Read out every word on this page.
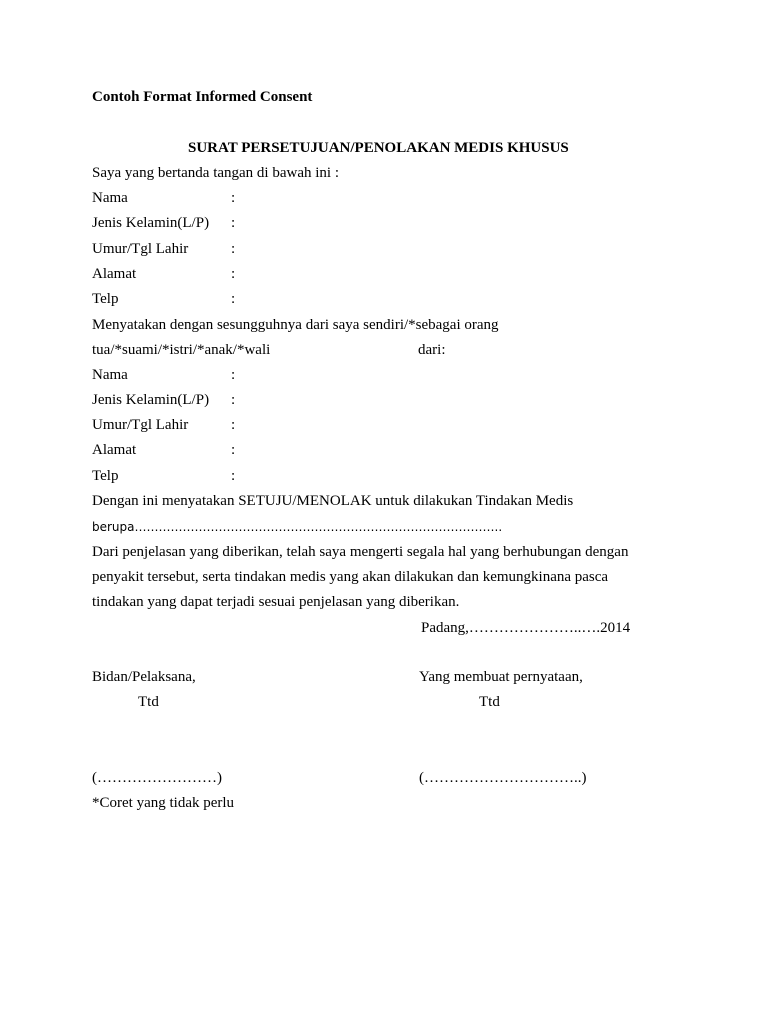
Contoh Format Informed Consent
SURAT PERSETUJUAN/PENOLAKAN MEDIS KHUSUS
Saya yang bertanda tangan di bawah ini :
Nama	:
Jenis Kelamin(L/P) :
Umur/Tgl Lahir	:
Alamat	:
Telp	:
Menyatakan dengan sesungguhnya dari saya sendiri/*sebagai orang
tua/*suami/*istri/*anak/*wali	dari:
Nama	:
Jenis Kelamin(L/P) :
Umur/Tgl Lahir	:
Alamat	:
Telp	:
Dengan ini menyatakan SETUJU/MENOLAK untuk dilakukan Tindakan Medis
berupa………………………………………………………………………………..
Dari penjelasan yang diberikan, telah saya mengerti segala hal yang berhubungan dengan
penyakit tersebut, serta tindakan medis yang akan dilakukan dan kemungkinana pasca
tindakan yang dapat terjadi sesuai penjelasan yang diberikan.
Padang,…………………..….2014
Bidan/Pelaksana,	Yang membuat pernyataan,
Ttd	Ttd
(……………………)	(…………………………..)
*Coret yang tidak perlu
